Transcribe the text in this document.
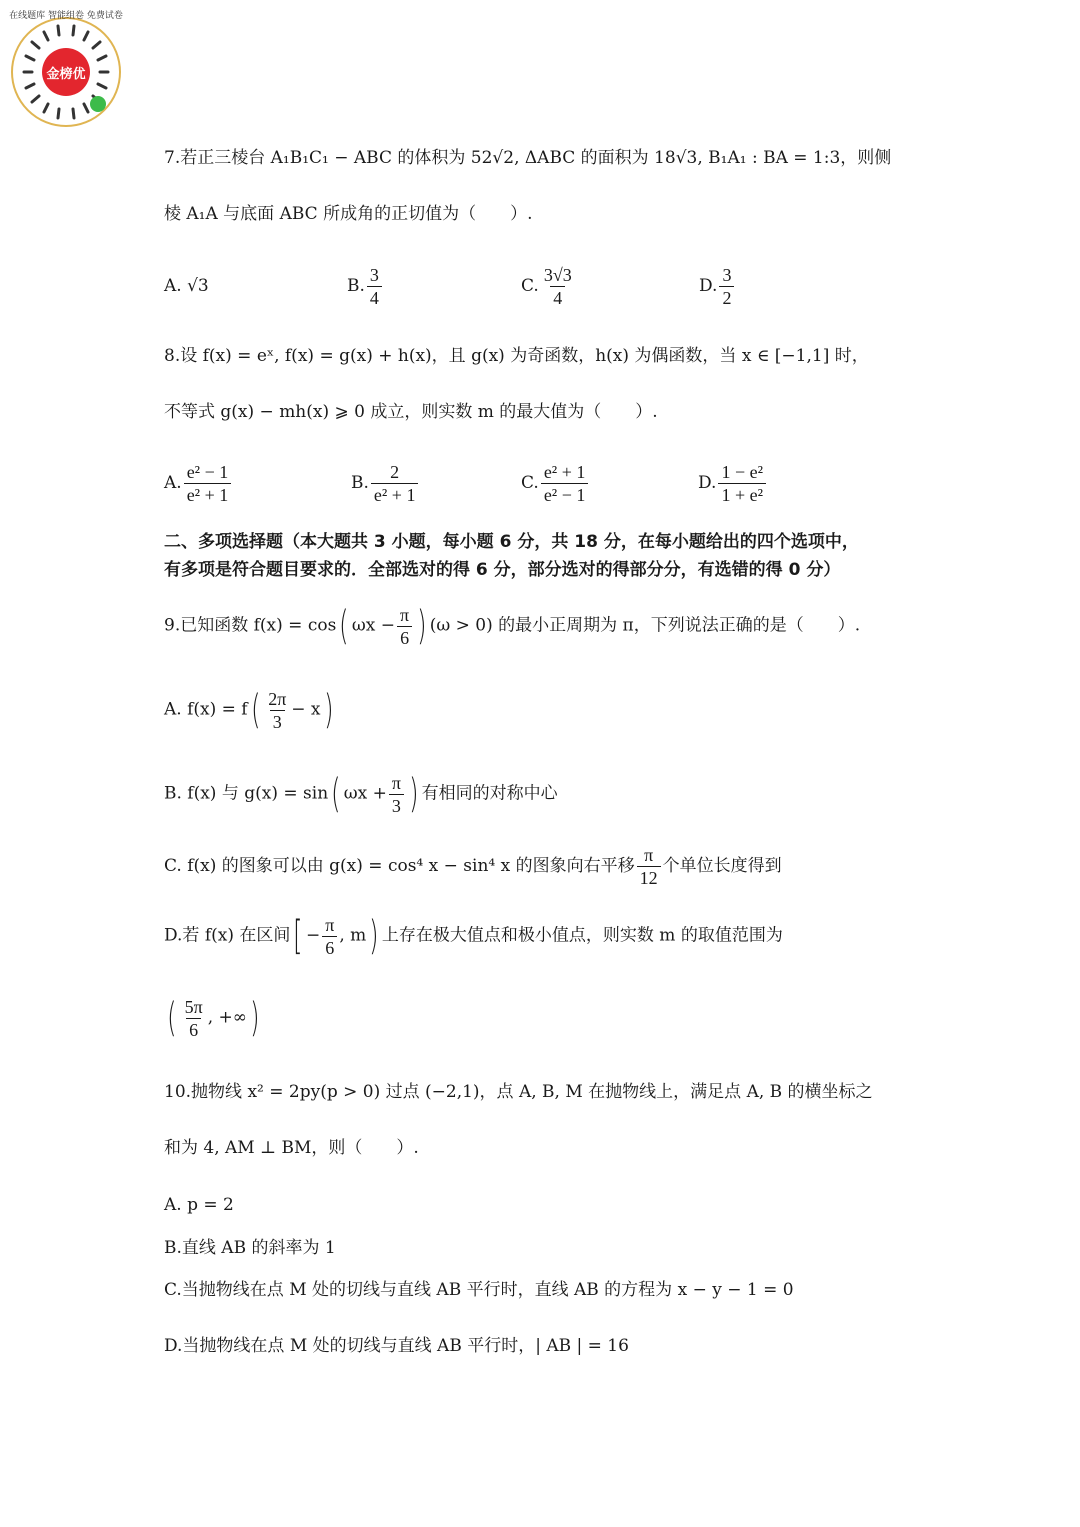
在线题库 智能组卷 免费试卷
金榜优
7.若正三棱台 A₁B₁C₁ − ABC 的体积为 52√2, ΔABC 的面积为 18√3, B₁A₁ : BA = 1:3，则侧
棱 A₁A 与底面 ABC 所成角的正切值为（　　）.
A. √3	B. $\frac{3}{4}$	C. $\frac{3√3}{4}$	D. $\frac{3}{2}$
8.设 f(x) = eˣ, f(x) = g(x) + h(x)，且 g(x) 为奇函数，h(x) 为偶函数，当 x ∈ [−1,1] 时，
不等式 g(x) − mh(x) ⩾ 0 成立，则实数 m 的最大值为（　　）.
A. $\frac{\text{e² − 1}}{\text{e² + 1}}$	B. $\frac{2}{\text{e² + 1}}$	C. $\frac{\text{e² + 1}}{\text{e² − 1}}$	D. $\frac{\text{1 − e²}}{\text{1 + e²}}$
二、多项选择题（本大题共 3 小题，每小题 6 分，共 18 分，在每小题给出的四个选项中，
有多项是符合题目要求的．全部选对的得 6 分，部分选对的得部分分，有选错的得 0 分）
9.已知函数 f(x) = cos( $\omega x - \frac{\pi}{6}$ ) (ω > 0) 的最小正周期为 π，下列说法正确的是（　　）.
A. $f(x) = f( \frac{2\pi}{3} - x)$
B. f(x) 与 g(x) = sin( $\omega x + \frac{\pi}{3}$ ) 有相同的对称中心
C. f(x) 的图象可以由 g(x) = cos⁴ x − sin⁴ x 的图象向右平移 $\frac{\pi}{12}$ 个单位长度得到
D.若 f(x) 在区间[ − $\frac{\pi}{6}$ , m) 上存在极大值点和极小值点，则实数 m 的取值范围为
( $\frac{5\pi}{6}$ , +∞)
10.抛物线 x² = 2py(p > 0) 过点 (−2,1)，点 A, B, M 在抛物线上，满足点 A, B 的横坐标之
和为 4, AM ⊥ BM，则（　　）.
A. p = 2
B.直线 AB 的斜率为 1
C.当抛物线在点 M 处的切线与直线 AB 平行时，直线 AB 的方程为 x − y − 1 = 0
D.当抛物线在点 M 处的切线与直线 AB 平行时，| AB | = 16
